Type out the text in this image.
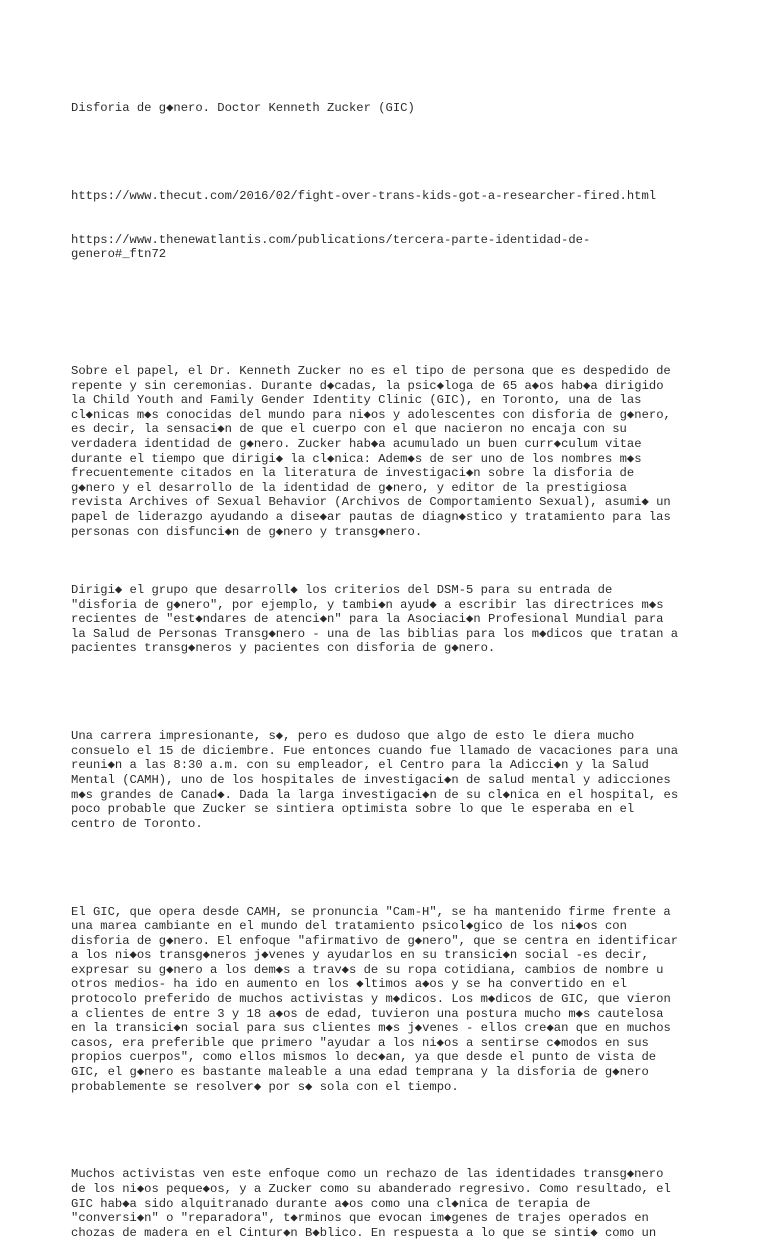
Disforia de g◆nero. Doctor Kenneth Zucker (GIC)

https://www.thecut.com/2016/02/fight-over-trans-kids-got-a-researcher-fired.html

https://www.thenewatlantis.com/publications/tercera-parte-identidad-de-
genero#_ftn72

Sobre el papel, el Dr. Kenneth Zucker no es el tipo de persona que es despedido de
repente y sin ceremonias. Durante d◆cadas, la psic◆loga de 65 a◆os hab◆a dirigido
la Child Youth and Family Gender Identity Clinic (GIC), en Toronto, una de las
cl◆nicas m◆s conocidas del mundo para ni◆os y adolescentes con disforia de g◆nero,
es decir, la sensaci◆n de que el cuerpo con el que nacieron no encaja con su
verdadera identidad de g◆nero. Zucker hab◆a acumulado un buen curr◆culum vitae
durante el tiempo que dirigi◆ la cl◆nica: Adem◆s de ser uno de los nombres m◆s
frecuentemente citados en la literatura de investigaci◆n sobre la disforia de
g◆nero y el desarrollo de la identidad de g◆nero, y editor de la prestigiosa
revista Archives of Sexual Behavior (Archivos de Comportamiento Sexual), asumi◆ un
papel de liderazgo ayudando a dise◆ar pautas de diagn◆stico y tratamiento para las
personas con disfunci◆n de g◆nero y transg◆nero.

Dirigi◆ el grupo que desarroll◆ los criterios del DSM-5 para su entrada de
"disforia de g◆nero", por ejemplo, y tambi◆n ayud◆ a escribir las directrices m◆s
recientes de "est◆ndares de atenci◆n" para la Asociaci◆n Profesional Mundial para
la Salud de Personas Transg◆nero - una de las biblias para los m◆dicos que tratan a
pacientes transg◆neros y pacientes con disforia de g◆nero.

Una carrera impresionante, s◆, pero es dudoso que algo de esto le diera mucho
consuelo el 15 de diciembre. Fue entonces cuando fue llamado de vacaciones para una
reuni◆n a las 8:30 a.m. con su empleador, el Centro para la Adicci◆n y la Salud
Mental (CAMH), uno de los hospitales de investigaci◆n de salud mental y adicciones
m◆s grandes de Canad◆. Dada la larga investigaci◆n de su cl◆nica en el hospital, es
poco probable que Zucker se sintiera optimista sobre lo que le esperaba en el
centro de Toronto.

El GIC, que opera desde CAMH, se pronuncia "Cam-H", se ha mantenido firme frente a
una marea cambiante en el mundo del tratamiento psicol◆gico de los ni◆os con
disforia de g◆nero. El enfoque "afirmativo de g◆nero", que se centra en identificar
a los ni◆os transg◆neros j◆venes y ayudarlos en su transici◆n social -es decir,
expresar su g◆nero a los dem◆s a trav◆s de su ropa cotidiana, cambios de nombre u
otros medios- ha ido en aumento en los ◆ltimos a◆os y se ha convertido en el
protocolo preferido de muchos activistas y m◆dicos. Los m◆dicos de GIC, que vieron
a clientes de entre 3 y 18 a◆os de edad, tuvieron una postura mucho m◆s cautelosa
en la transici◆n social para sus clientes m◆s j◆venes - ellos cre◆an que en muchos
casos, era preferible que primero "ayudar a los ni◆os a sentirse c◆modos en sus
propios cuerpos", como ellos mismos lo dec◆an, ya que desde el punto de vista de
GIC, el g◆nero es bastante maleable a una edad temprana y la disforia de g◆nero
probablemente se resolver◆ por s◆ sola con el tiempo.

Muchos activistas ven este enfoque como un rechazo de las identidades transg◆nero
de los ni◆os peque◆os, y a Zucker como su abanderado regresivo. Como resultado, el
GIC hab◆a sido alquitranado durante a◆os como una cl◆nica de terapia de
"conversi◆n" o "reparadora", t◆rminos que evocan im◆genes de trajes operados en
chozas de madera en el Cintur◆n B◆blico. En respuesta a lo que se sinti◆ como un
